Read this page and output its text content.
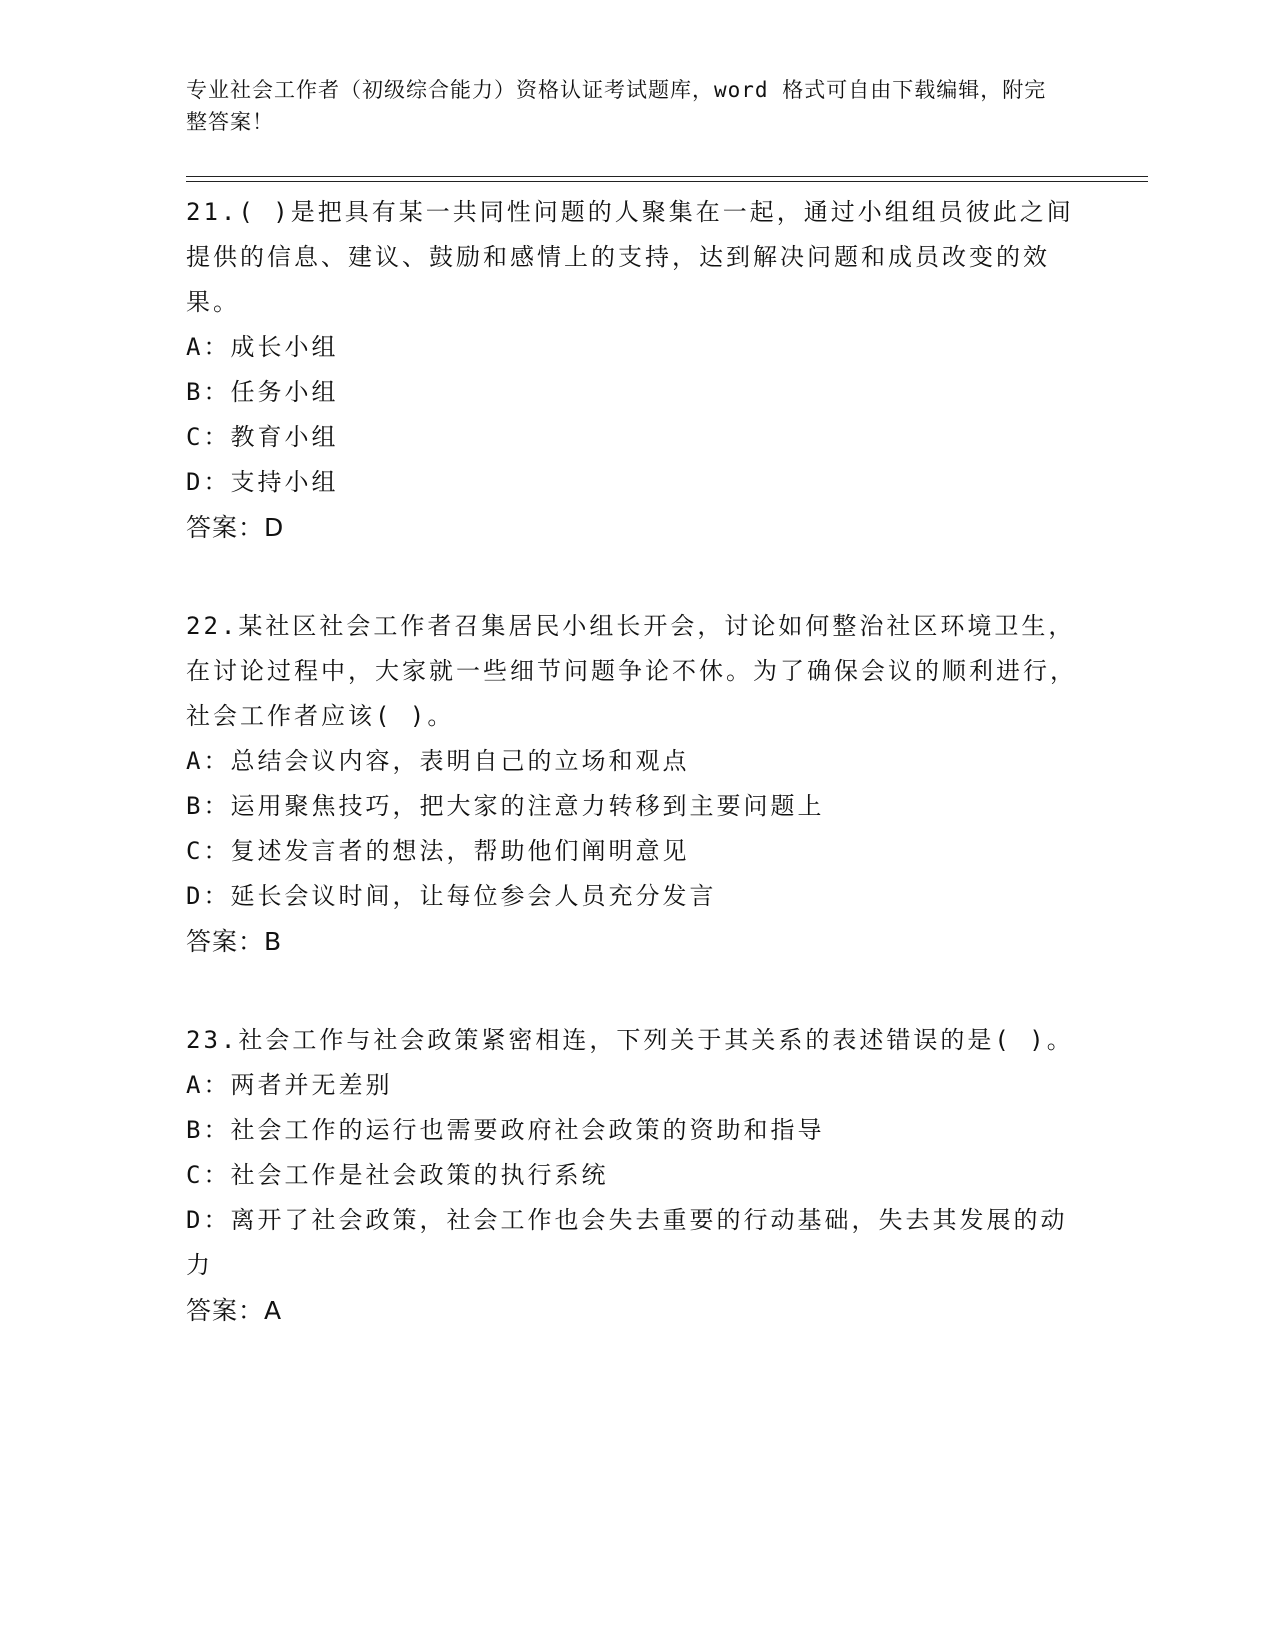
专业社会工作者（初级综合能力）资格认证考试题库，word 格式可自由下载编辑，附完整答案！
21.( )是把具有某一共同性问题的人聚集在一起，通过小组组员彼此之间提供的信息、建议、鼓励和感情上的支持，达到解决问题和成员改变的效果。
A：成长小组
B：任务小组
C：教育小组
D：支持小组
答案：D
22.某社区社会工作者召集居民小组长开会，讨论如何整治社区环境卫生，在讨论过程中，大家就一些细节问题争论不休。为了确保会议的顺利进行，社会工作者应该( )。
A：总结会议内容，表明自己的立场和观点
B：运用聚焦技巧，把大家的注意力转移到主要问题上
C：复述发言者的想法，帮助他们阐明意见
D：延长会议时间，让每位参会人员充分发言
答案：B
23.社会工作与社会政策紧密相连，下列关于其关系的表述错误的是( )。
A：两者并无差别
B：社会工作的运行也需要政府社会政策的资助和指导
C：社会工作是社会政策的执行系统
D：离开了社会政策，社会工作也会失去重要的行动基础，失去其发展的动力
答案：A
